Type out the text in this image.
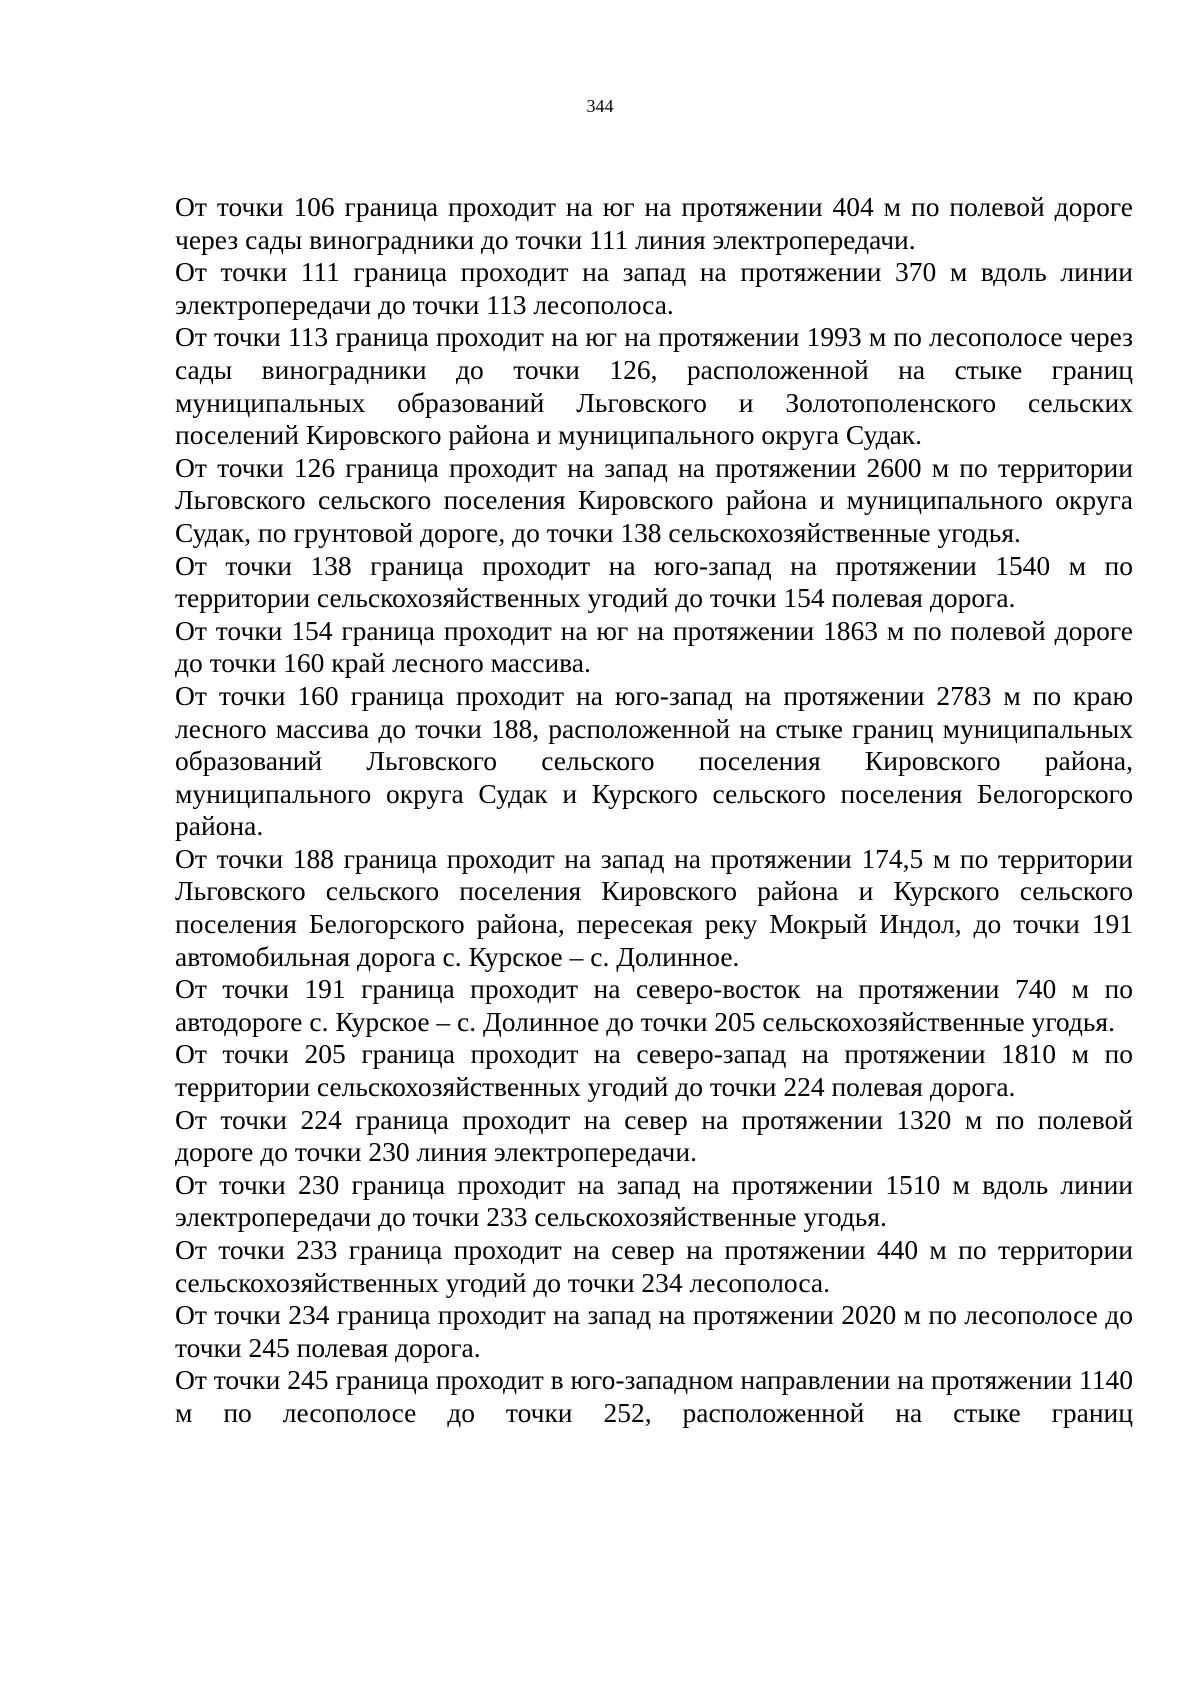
344

От точки 106 граница проходит на юг на протяжении 404 м по полевой дороге через сады виноградники до точки 111 линия электропередачи.

От точки 111 граница проходит на запад на протяжении 370 м вдоль линии электропередачи до точки 113 лесополоса.

От точки 113 граница проходит на юг на протяжении 1993 м по лесополосе через сады виноградники до точки 126, расположенной на стыке границ муниципальных образований Льговского и Золотополенского сельских поселений Кировского района и муниципального округа Судак.

От точки 126 граница проходит на запад на протяжении 2600 м по территории Льговского сельского поселения Кировского района и муниципального округа Судак, по грунтовой дороге, до точки 138 сельскохозяйственные угодья.

От точки 138 граница проходит на юго-запад на протяжении 1540 м по территории сельскохозяйственных угодий до точки 154 полевая дорога.

От точки 154 граница проходит на юг на протяжении 1863 м по полевой дороге до точки 160 край лесного массива.

От точки 160 граница проходит на юго-запад на протяжении 2783 м по краю лесного массива до точки 188, расположенной на стыке границ муниципальных образований Льговского сельского поселения Кировского района, муниципального округа Судак и Курского сельского поселения Белогорского района.

От точки 188 граница проходит на запад на протяжении 174,5 м по территории Льговского сельского поселения Кировского района и Курского сельского поселения Белогорского района, пересекая реку Мокрый Индол, до точки 191 автомобильная дорога с. Курское – с. Долинное.

От точки 191 граница проходит на северо-восток на протяжении 740 м по автодороге с. Курское – с. Долинное до точки 205 сельскохозяйственные угодья.

От точки 205 граница проходит на северо-запад на протяжении 1810 м по территории сельскохозяйственных угодий до точки 224 полевая дорога.

От точки 224 граница проходит на север на протяжении 1320 м по полевой дороге до точки 230 линия электропередачи.

От точки 230 граница проходит на запад на протяжении 1510 м вдоль линии электропередачи до точки 233 сельскохозяйственные угодья.

От точки 233 граница проходит на север на протяжении 440 м по территории сельскохозяйственных угодий до точки 234 лесополоса.

От точки 234 граница проходит на запад на протяжении 2020 м по лесополосе до точки 245 полевая дорога.

От точки 245 граница проходит в юго-западном направлении на протяжении 1140 м по лесополосе до точки 252, расположенной на стыке границ
